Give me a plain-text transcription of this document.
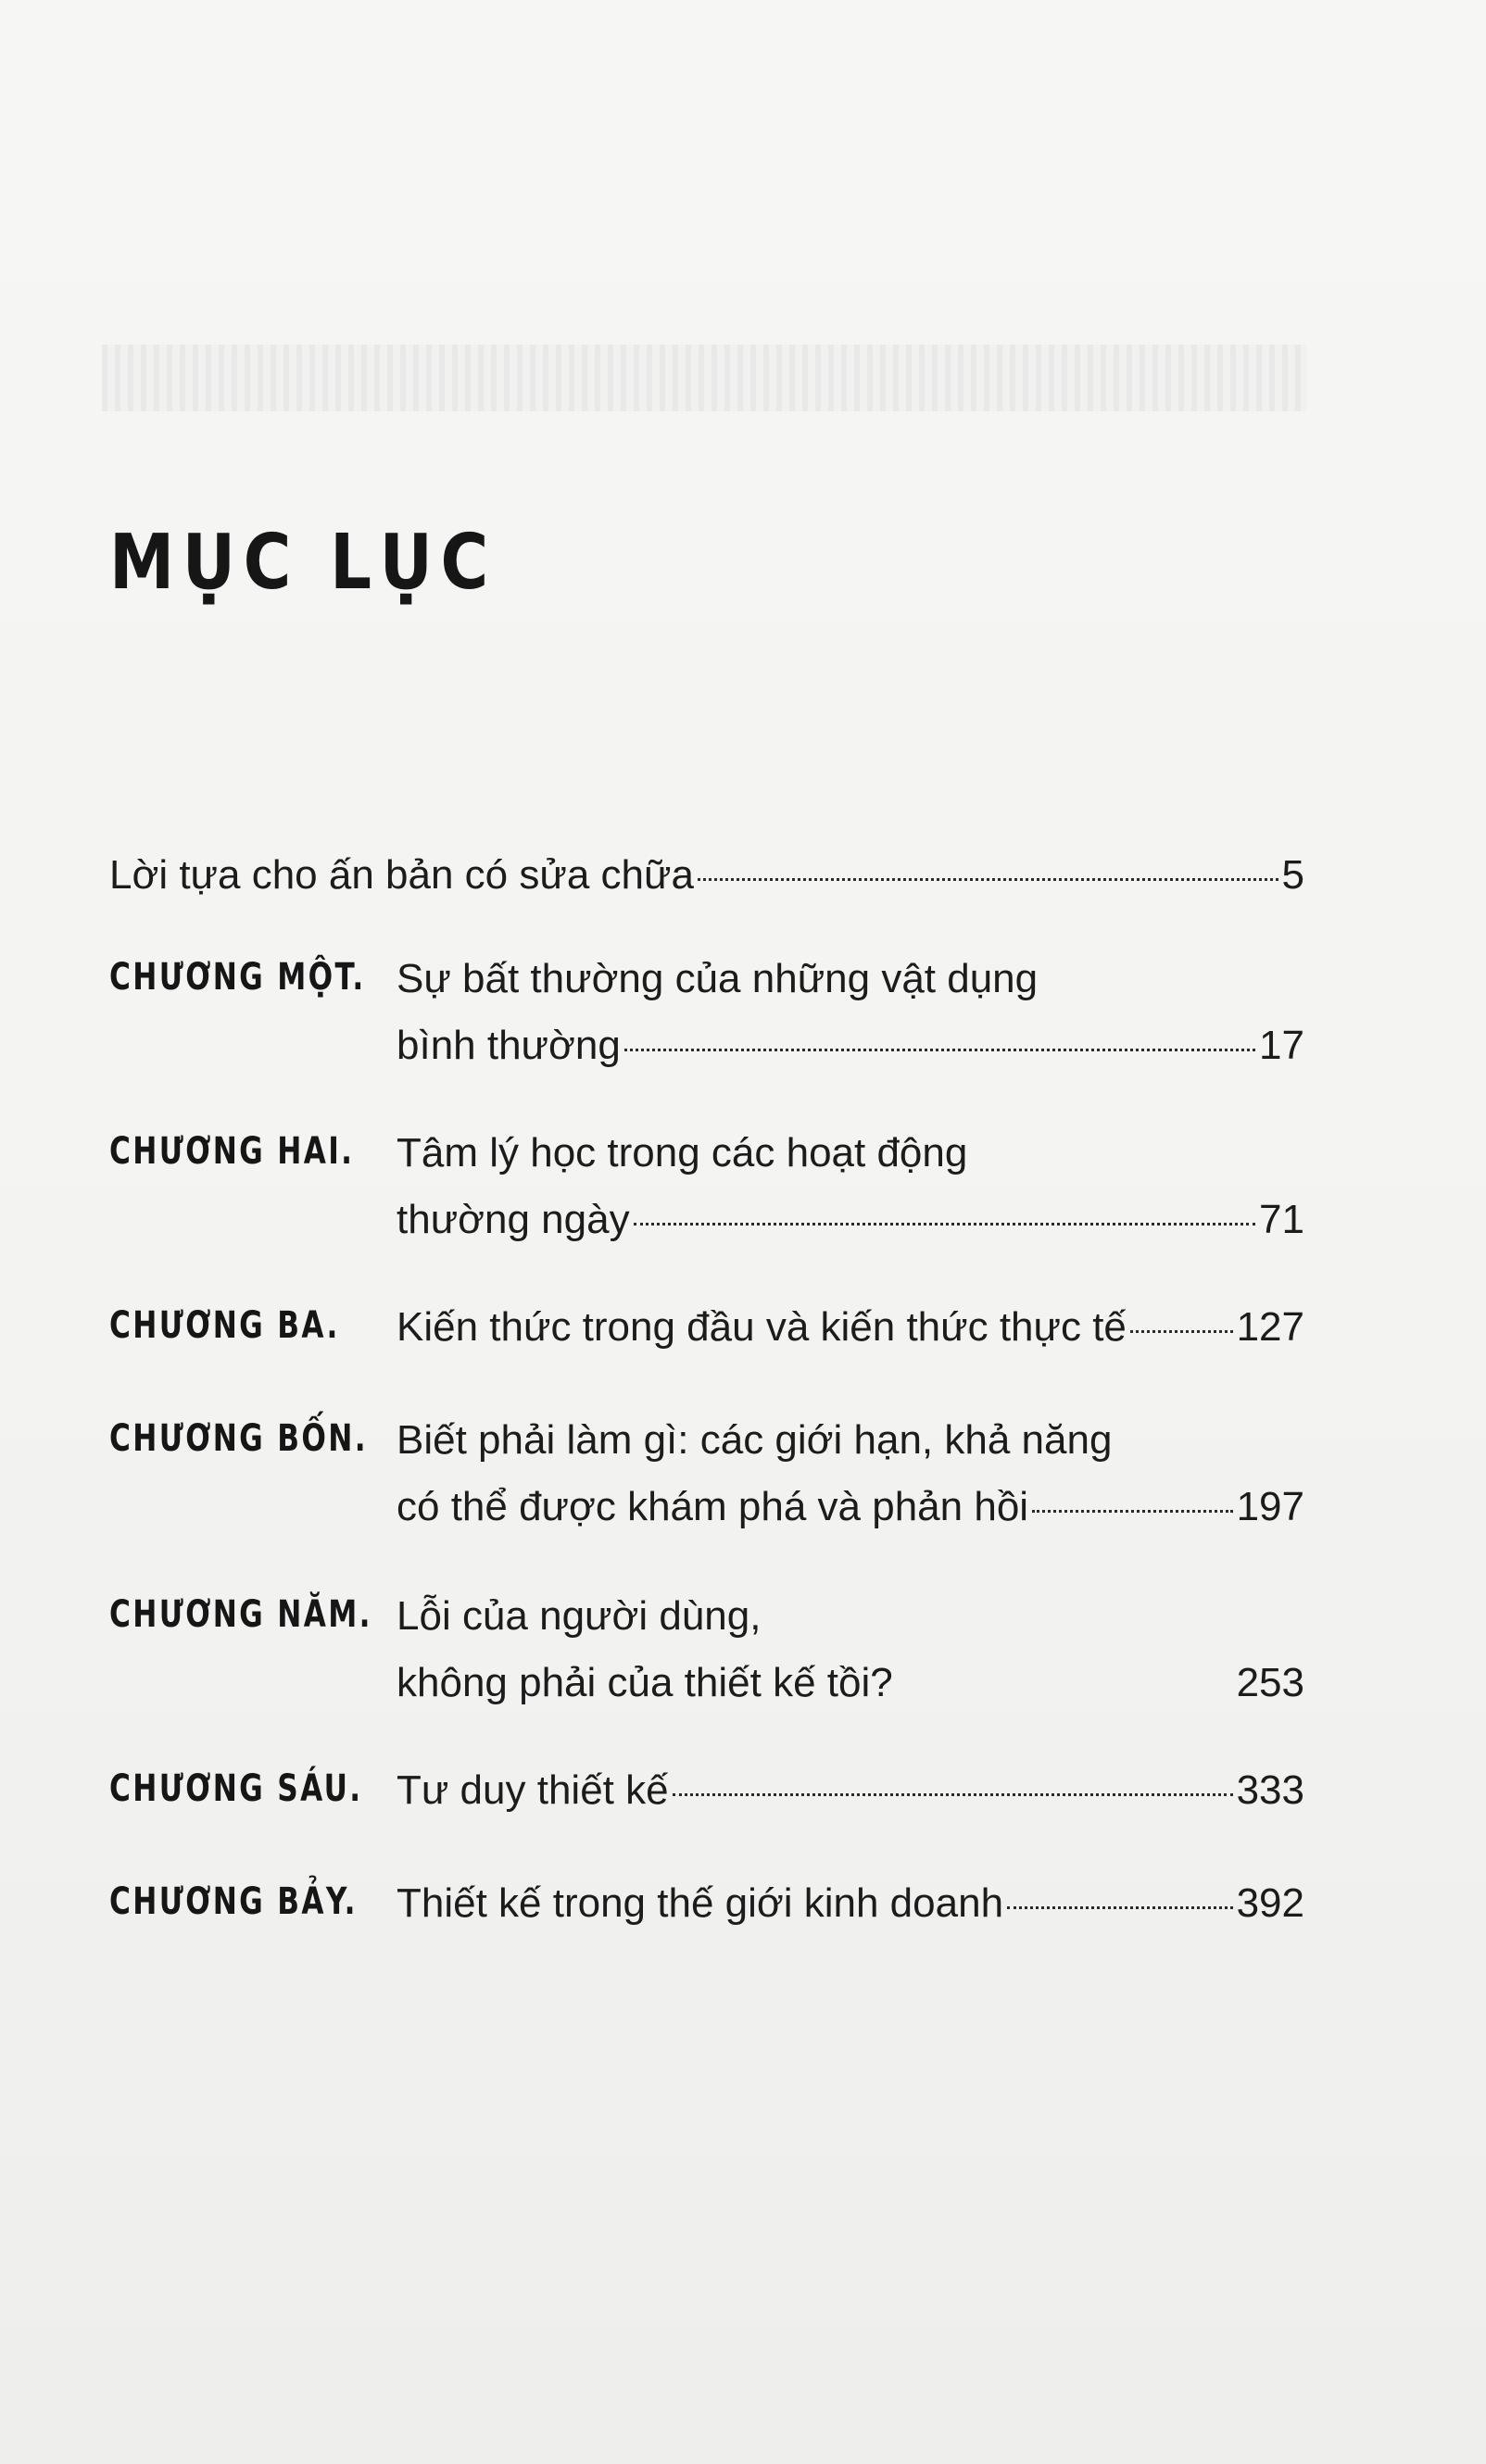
MỤC LỤC
Lời tựa cho ấn bản có sửa chữa	5
CHƯƠNG MỘT. Sự bất thường của những vật dụng
bình thường	17
CHƯƠNG HAI. Tâm lý học trong các hoạt động
thường ngày	71
CHƯƠNG BA. Kiến thức trong đầu và kiến thức thực tế	127
CHƯƠNG BỐN. Biết phải làm gì: các giới hạn, khả năng
có thể được khám phá và phản hồi	197
CHƯƠNG NĂM. Lỗi của người dùng,
không phải của thiết kế tồi?	253
CHƯƠNG SÁU. Tư duy thiết kế	333
CHƯƠNG BẢY. Thiết kế trong thế giới kinh doanh	392
